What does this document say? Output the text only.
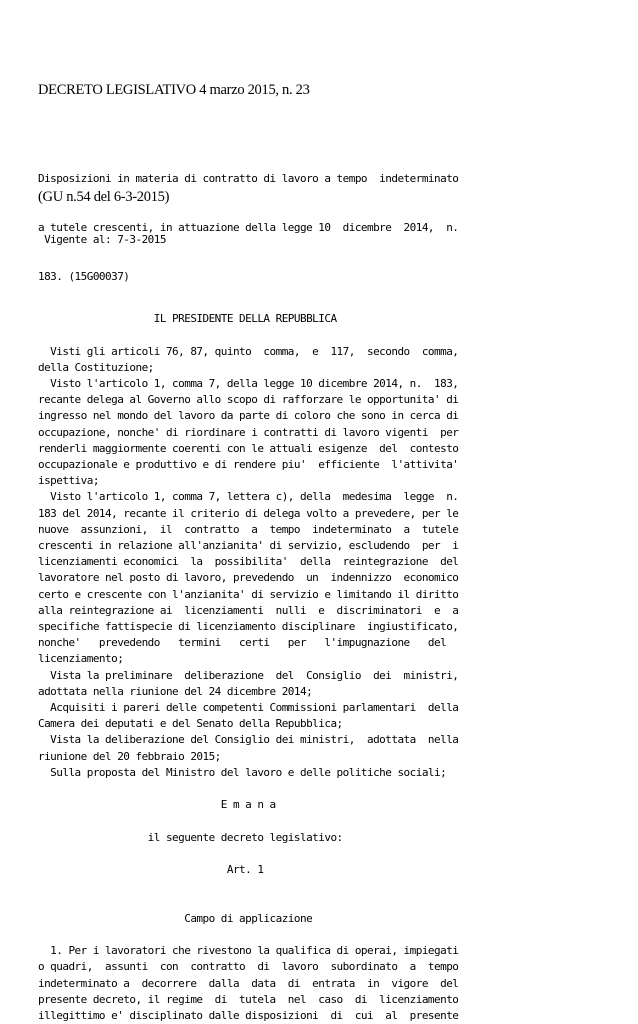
DECRETO LEGISLATIVO 4 marzo 2015, n. 23

Disposizioni in materia di contratto di lavoro a tempo  indeterminato

a tutele crescenti, in attuazione della legge 10  dicembre  2014,  n.

183. (15G00037)

(GU n.54 del 6-3-2015)
Vigente al: 7-3-2015

IL PRESIDENTE DELLA REPUBBLICA

Visti gli articoli 76, 87, quinto  comma,  e  117,  secondo  comma,
della Costituzione;
Visto l'articolo 1, comma 7, della legge 10 dicembre 2014, n.  183,
recante delega al Governo allo scopo di rafforzare le opportunita' di
ingresso nel mondo del lavoro da parte di coloro che sono in cerca di
occupazione, nonche' di riordinare i contratti di lavoro vigenti  per
renderli maggiormente coerenti con le attuali esigenze  del  contesto
occupazionale e produttivo e di rendere piu'  efficiente  l'attivita'
ispettiva;
Visto l'articolo 1, comma 7, lettera c), della  medesima  legge  n.
183 del 2014, recante il criterio di delega volto a prevedere, per le
nuove  assunzioni,  il  contratto  a  tempo  indeterminato  a  tutele
crescenti in relazione all'anzianita' di servizio, escludendo  per  i
licenziamenti economici  la  possibilita'  della  reintegrazione  del
lavoratore nel posto di lavoro, prevedendo  un  indennizzo  economico
certo e crescente con l'anzianita' di servizio e limitando il diritto
alla reintegrazione ai  licenziamenti  nulli  e  discriminatori  e  a
specifiche fattispecie di licenziamento disciplinare  ingiustificato,
nonche'   prevedendo   termini   certi   per   l'impugnazione   del
licenziamento;
Vista la preliminare  deliberazione  del  Consiglio  dei  ministri,
adottata nella riunione del 24 dicembre 2014;
Acquisiti i pareri delle competenti Commissioni parlamentari  della
Camera dei deputati e del Senato della Repubblica;
Vista la deliberazione del Consiglio dei ministri,  adottata  nella
riunione del 20 febbraio 2015;
Sulla proposta del Ministro del lavoro e delle politiche sociali;

E m a n a

il seguente decreto legislativo:

Art. 1

Campo di applicazione

1. Per i lavoratori che rivestono la qualifica di operai, impiegati
o quadri,  assunti  con  contratto  di  lavoro  subordinato  a  tempo
indeterminato a  decorrere  dalla  data  di  entrata  in  vigore  del
presente decreto, il regime  di  tutela  nel  caso  di  licenziamento
illegittimo e' disciplinato dalle disposizioni  di  cui  al  presente
